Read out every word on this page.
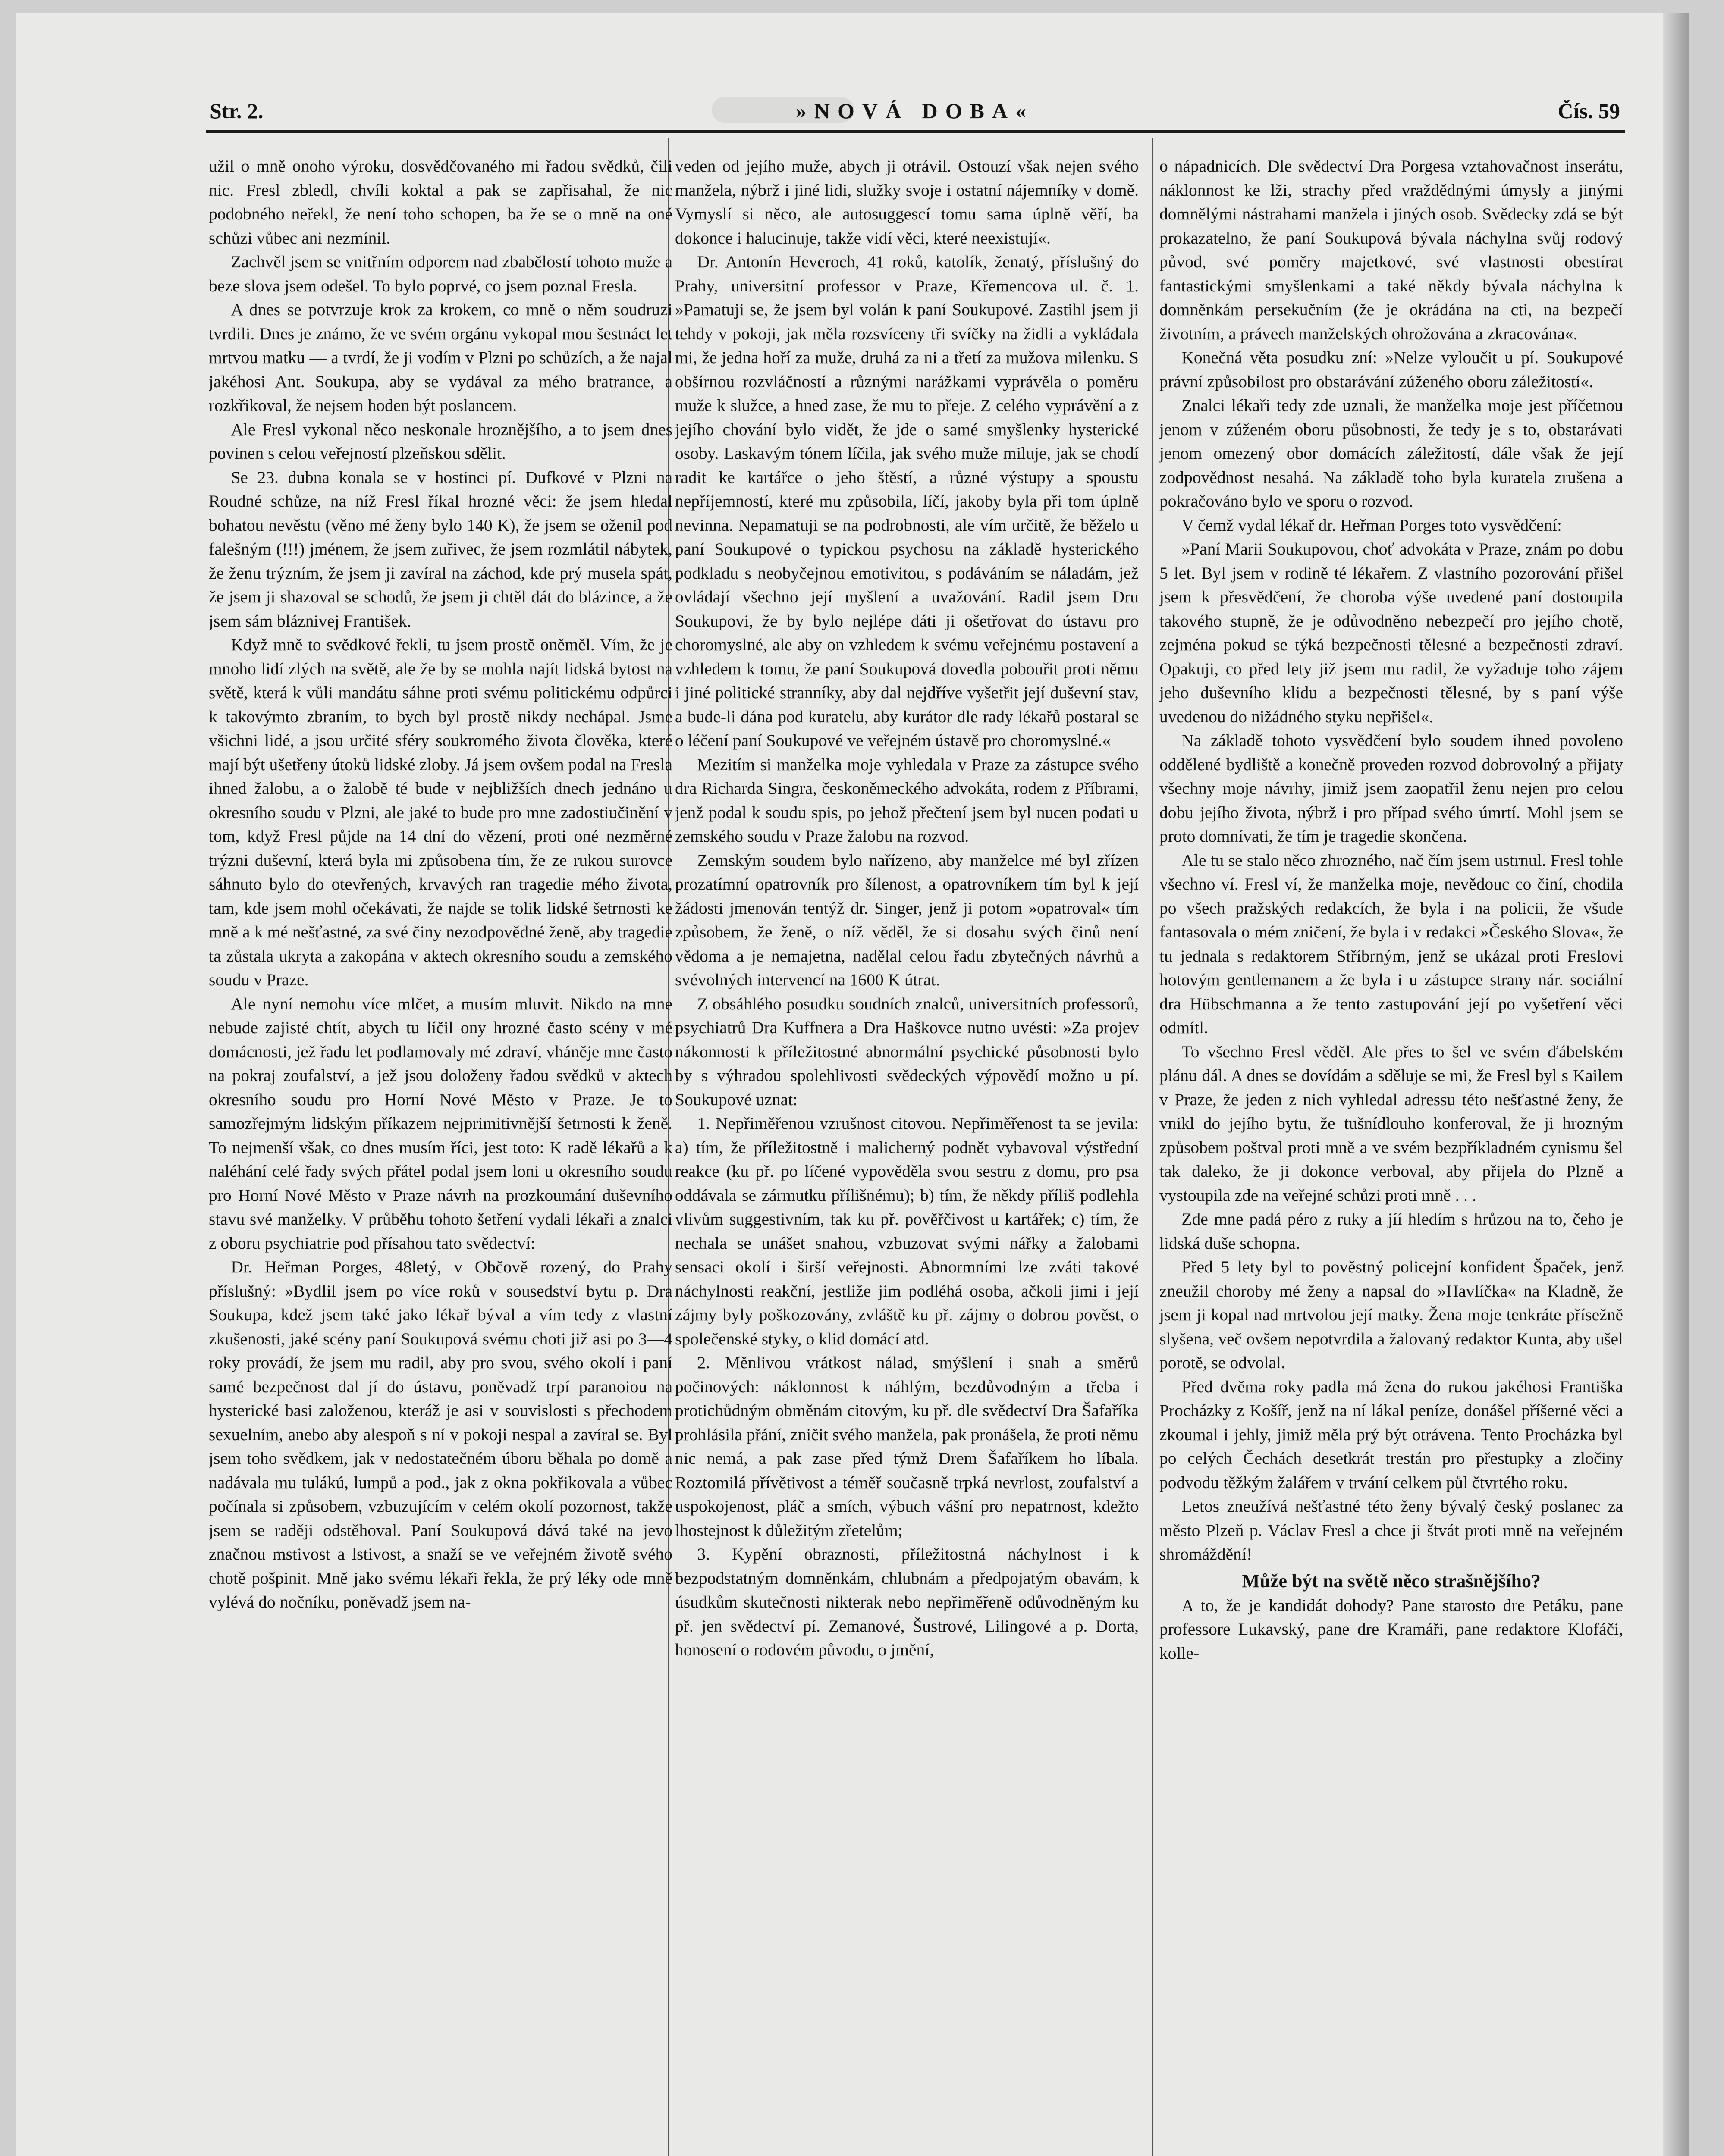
Str. 2.	»NOVÁ DOBA«	Čís. 59

užil o mně onoho výroku, dosvědčovaného mi řadou svědků, čili nic. Fresl zbledl, chvíli koktal a pak se zapřisahal, že nic podobného neřekl, že není toho schopen, ba že se o mně na oné schůzi vůbec ani nezmínil.

Zachvěl jsem se vnitřním odporem nad zbabělostí tohoto muže a beze slova jsem odešel. To bylo poprvé, co jsem poznal Fresla.

A dnes se potvrzuje krok za krokem, co mně o něm soudruzi tvrdili. Dnes je známo, že ve svém orgánu vykopal mou šestnáct let mrtvou matku — a tvrdí, že ji vodím v Plzni po schůzích, a že najal jakéhosi Ant. Soukupa, aby se vydával za mého bratrance, a rozkřikoval, že nejsem hoden být poslancem.

Ale Fresl vykonal něco neskonale hroznějšího, a to jsem dnes povinen s celou veřejností plzeňskou sdělit.

Se 23. dubna konala se v hostinci pí. Dufkové v Plzni na Roudné schůze, na níž Fresl říkal hrozné věci: že jsem hledal bohatou nevěstu (věno mé ženy bylo 140 K), že jsem se oženil pod falešným (!!!) jménem, že jsem zuřivec, že jsem rozmlátil nábytek, že ženu trýzním, že jsem ji zavíral na záchod, kde prý musela spát, že jsem ji shazoval se schodů, že jsem ji chtěl dát do blázince, a že jsem sám bláznivej František.

Když mně to svědkové řekli, tu jsem prostě oněměl. Vím, že je mnoho lidí zlých na světě, ale že by se mohla najít lidská bytost na světě, která k vůli mandátu sáhne proti svému politickému odpůrci k takovýmto zbraním, to bych byl prostě nikdy nechápal. Jsme všichni lidé, a jsou určité sféry soukromého života člověka, které mají být ušetřeny útoků lidské zloby. Já jsem ovšem podal na Fresla ihned žalobu, a o žalobě té bude v nejbližších dnech jednáno u okresního soudu v Plzni, ale jaké to bude pro mne zadostiučinění v tom, když Fresl půjde na 14 dní do vězení, proti oné nezměrné trýzni duševní, která byla mi způsobena tím, že ze rukou surovce sáhnuto bylo do otevřených, krvavých ran tragedie mého života, tam, kde jsem mohl očekávati, že najde se tolik lidské šetrnosti ke mně a k mé nešťastné, za své činy nezodpovědné ženě, aby tragedie ta zůstala ukryta a zakopána v aktech okresního soudu a zemského soudu v Praze.

Ale nyní nemohu více mlčet, a musím mluvit. Nikdo na mne nebude zajisté chtít, abych tu líčil ony hrozné často scény v mé domácnosti, jež řadu let podlamovaly mé zdraví, vháněje mne často na pokraj zoufalství, a jež jsou doloženy řadou svědků v aktech okresního soudu pro Horní Nové Město v Praze. Je to samozřejmým lidským příkazem nejprimitivnější šetrnosti k ženě. To nejmenší však, co dnes musím říci, jest toto: K radě lékařů a k naléhání celé řady svých přátel podal jsem loni u okresního soudu pro Horní Nové Město v Praze návrh na prozkoumání duševního stavu své manželky. V průběhu tohoto šetření vydali lékaři a znalci z oboru psychiatrie pod přísahou tato svědectví:

Dr. Heřman Porges, 48letý, v Občově rozený, do Prahy příslušný: »Bydlil jsem po více roků v sousedství bytu p. Dra Soukupa, kdež jsem také jako lékař býval a vím tedy z vlastní zkušenosti, jaké scény paní Soukupová svému choti již asi po 3—4 roky provádí, že jsem mu radil, aby pro svou, svého okolí i paní samé bezpečnost dal jí do ústavu, poněvadž trpí paranoiou na hysterické basi založenou, kteráž je asi v souvislosti s přechodem sexuelním, anebo aby alespoň s ní v pokoji nespal a zavíral se. Byl jsem toho svědkem, jak v nedostatečném úboru běhala po domě a nadávala mu tulákú, lumpů a pod., jak z okna pokřikovala a vůbec počínala si způsobem, vzbuzujícím v celém okolí pozornost, takže jsem se raději odstěhoval. Paní Soukupová dává také na jevo značnou mstivost a lstivost, a snaží se ve veřejném životě svého chotě pošpinit. Mně jako svému lékaři řekla, že prý léky ode mně vylévá do nočníku, poněvadž jsem na-

veden od jejího muže, abych ji otrávil. Ostouzí však nejen svého manžela, nýbrž i jiné lidi, služky svoje i ostatní nájemníky v domě. Vymyslí si něco, ale autosuggescí tomu sama úplně věří, ba dokonce i halucinuje, takže vidí věci, které neexistují«.

Dr. Antonín Heveroch, 41 roků, katolík, ženatý, příslušný do Prahy, universitní professor v Praze, Křemencova ul. č. 1. »Pamatuji se, že jsem byl volán k paní Soukupové. Zastihl jsem ji tehdy v pokoji, jak měla rozsvíceny tři svíčky na židli a vykládala mi, že jedna hoří za muže, druhá za ni a třetí za mužova milenku. S obšírnou rozvláčností a různými narážkami vyprávěla o poměru muže k služce, a hned zase, že mu to přeje. Z celého vyprávění a z jejího chování bylo vidět, že jde o samé smyšlenky hysterické osoby. Laskavým tónem líčila, jak svého muže miluje, jak se chodí radit ke kartářce o jeho štěstí, a různé výstupy a spoustu nepříjemností, které mu způsobila, líčí, jakoby byla při tom úplně nevinna. Nepamatuji se na podrobnosti, ale vím určitě, že běželo u paní Soukupové o typickou psychosu na základě hysterického podkladu s neobyčejnou emotivitou, s podáváním se náladám, jež ovládají všechno její myšlení a uvažování. Radil jsem Dru Soukupovi, že by bylo nejlépe dáti ji ošetřovat do ústavu pro choromyslné, ale aby on vzhledem k svému veřejnému postavení a vzhledem k tomu, že paní Soukupová dovedla pobouřit proti němu i jiné politické stranníky, aby dal nejdříve vyšetřit její duševní stav, a bude-li dána pod kuratelu, aby kurátor dle rady lékařů postaral se o léčení paní Soukupové ve veřejném ústavě pro choromyslné.«

Mezitím si manželka moje vyhledala v Praze za zástupce svého dra Richarda Singra, českoněmeckého advokáta, rodem z Příbrami, jenž podal k soudu spis, po jehož přečtení jsem byl nucen podati u zemského soudu v Praze žalobu na rozvod.

Zemským soudem bylo nařízeno, aby manželce mé byl zřízen prozatímní opatrovník pro šílenost, a opatrovníkem tím byl k její žádosti jmenován tentýž dr. Singer, jenž ji potom »opatroval« tím způsobem, že ženě, o níž věděl, že si dosahu svých činů není vědoma a je nemajetna, nadělal celou řadu zbytečných návrhů a svévolných intervencí na 1600 K útrat.

Z obsáhlého posudku soudních znalců, universitních professorů, psychiatrů Dra Kuffnera a Dra Haškovce nutno uvésti: »Za projev nákonnosti k příležitostné abnormální psychické působnosti bylo by s výhradou spolehlivosti svědeckých výpovědí možno u pí. Soukupové uznat:

1. Nepřiměřenou vzrušnost citovou. Nepřiměřenost ta se jevila: a) tím, že příležitostně i malicherný podnět vybavoval výstřední reakce (ku př. po líčené vypověděla svou sestru z domu, pro psa oddávala se zármutku přílišnému); b) tím, že někdy příliš podlehla vlivům suggestivním, tak ku př. pověřčivost u kartářek; c) tím, že nechala se unášet snahou, vzbuzovat svými nářky a žalobami sensaci okolí i širší veřejnosti. Abnormními lze zváti takové náchylnosti reakční, jestliže jim podléhá osoba, ačkoli jimi i její zájmy byly poškozovány, zvláště ku př. zájmy o dobrou pověst, o společenské styky, o klid domácí atd.

2. Měnlivou vrátkost nálad, smýšlení i snah a směrů počinových: náklonnost k náhlým, bezdůvodným a třeba i protichůdným obměnám citovým, ku př. dle svědectví Dra Šafaříka prohlásila přání, zničit svého manžela, pak pronášela, že proti němu nic nemá, a pak zase před týmž Drem Šafaříkem ho líbala. Roztomilá přívětivost a téměř současně trpká nevrlost, zoufalství a uspokojenost, pláč a smích, výbuch vášní pro nepatrnost, kdežto lhostejnost k důležitým zřetelům;

3. Kypění obraznosti, příležitostná náchylnost i k bezpodstatným domněnkám, chlubnám a předpojatým obavám, k úsudkům skutečnosti nikterak nebo nepřiměřeně odůvodněným ku př. jen svědectví pí. Zemanové, Šustrové, Lilingové a p. Dorta, honosení o rodovém původu, o jmění,

o nápadnicích. Dle svědectví Dra Porgesa vztahovačnost inserátu, náklonnost ke lži, strachy před vraždědnými úmysly a jinými domnělými nástrahami manžela i jiných osob. Svědecky zdá se být prokazatelno, že paní Soukupová bývala náchylna svůj rodový původ, své poměry majetkové, své vlastnosti obestírat fantastickými smyšlenkami a také někdy bývala náchylna k domněnkám persekučním (že je okrádána na cti, na bezpečí životním, a právech manželských ohrožována a zkracována«.

Konečná věta posudku zní: »Nelze vyloučit u pí. Soukupové právní způsobilost pro obstarávání zúženého oboru záležitostí«.

Znalci lékaři tedy zde uznali, že manželka moje jest příčetnou jenom v zúženém oboru působnosti, že tedy je s to, obstarávati jenom omezený obor domácích záležitostí, dále však že její zodpovědnost nesahá. Na základě toho byla kuratela zrušena a pokračováno bylo ve sporu o rozvod.

V čemž vydal lékař dr. Heřman Porges toto vysvědčení:

»Paní Marii Soukupovou, choť advokáta v Praze, znám po dobu 5 let. Byl jsem v rodině té lékařem. Z vlastního pozorování přišel jsem k přesvědčení, že choroba výše uvedené paní dostoupila takového stupně, že je odůvodněno nebezpečí pro jejího chotě, zejména pokud se týká bezpečnosti tělesné a bezpečnosti zdraví. Opakuji, co před lety již jsem mu radil, že vyžaduje toho zájem jeho duševního klidu a bezpečnosti tělesné, by s paní výše uvedenou do nižádného styku nepřišel«.

Na základě tohoto vysvědčení bylo soudem ihned povoleno oddělené bydliště a konečně proveden rozvod dobrovolný a přijaty všechny moje návrhy, jimiž jsem zaopatřil ženu nejen pro celou dobu jejího života, nýbrž i pro případ svého úmrtí. Mohl jsem se proto domnívati, že tím je tragedie skončena.

Ale tu se stalo něco zhrozného, nač čím jsem ustrnul. Fresl tohle všechno ví. Fresl ví, že manželka moje, nevědouc co činí, chodila po všech pražských redakcích, že byla i na policii, že všude fantasovala o mém zničení, že byla i v redakci »Českého Slova«, že tu jednala s redaktorem Stříbrným, jenž se ukázal proti Freslovi hotovým gentlemanem a že byla i u zástupce strany nár. sociální dra Hübschmanna a že tento zastupování její po vyšetření věci odmítl.

To všechno Fresl věděl. Ale přes to šel ve svém ďábelském plánu dál. A dnes se dovídám a sděluje se mi, že Fresl byl s Kailem v Praze, že jeden z nich vyhledal adressu této nešťastné ženy, že vnikl do jejího bytu, že tušnídlouho konferoval, že ji hrozným způsobem poštval proti mně a ve svém bezpříkladném cynismu šel tak daleko, že ji dokonce verboval, aby přijela do Plzně a vystoupila zde na veřejné schůzi proti mně . . .

Zde mne padá péro z ruky a jíí hledím s hrůzou na to, čeho je lidská duše schopna.

Před 5 lety byl to pověstný policejní konfident Špaček, jenž zneužil choroby mé ženy a napsal do »Havlíčka« na Kladně, že jsem ji kopal nad mrtvolou její matky. Žena moje tenkráte přísežně slyšena, več ovšem nepotvrdila a žalovaný redaktor Kunta, aby ušel porotě, se odvolal.

Před dvěma roky padla má žena do rukou jakéhosi Františka Procházky z Košíř, jenž na ní lákal peníze, donášel příšerné věci a zkoumal i jehly, jimiž měla prý být otrávena. Tento Procházka byl po celých Čechách desetkrát trestán pro přestupky a zločiny podvodu těžkým žalářem v trvání celkem půl čtvrtého roku.

Letos zneužívá nešťastné této ženy bývalý český poslanec za město Plzeň p. Václav Fresl a chce ji štvát proti mně na veřejném shromáždění!

Může být na světě něco strašnějšího?

A to, že je kandidát dohody? Pane starosto dre Petáku, pane professore Lukavský, pane dre Kramáři, pane redaktore Klofáči, kolle-
